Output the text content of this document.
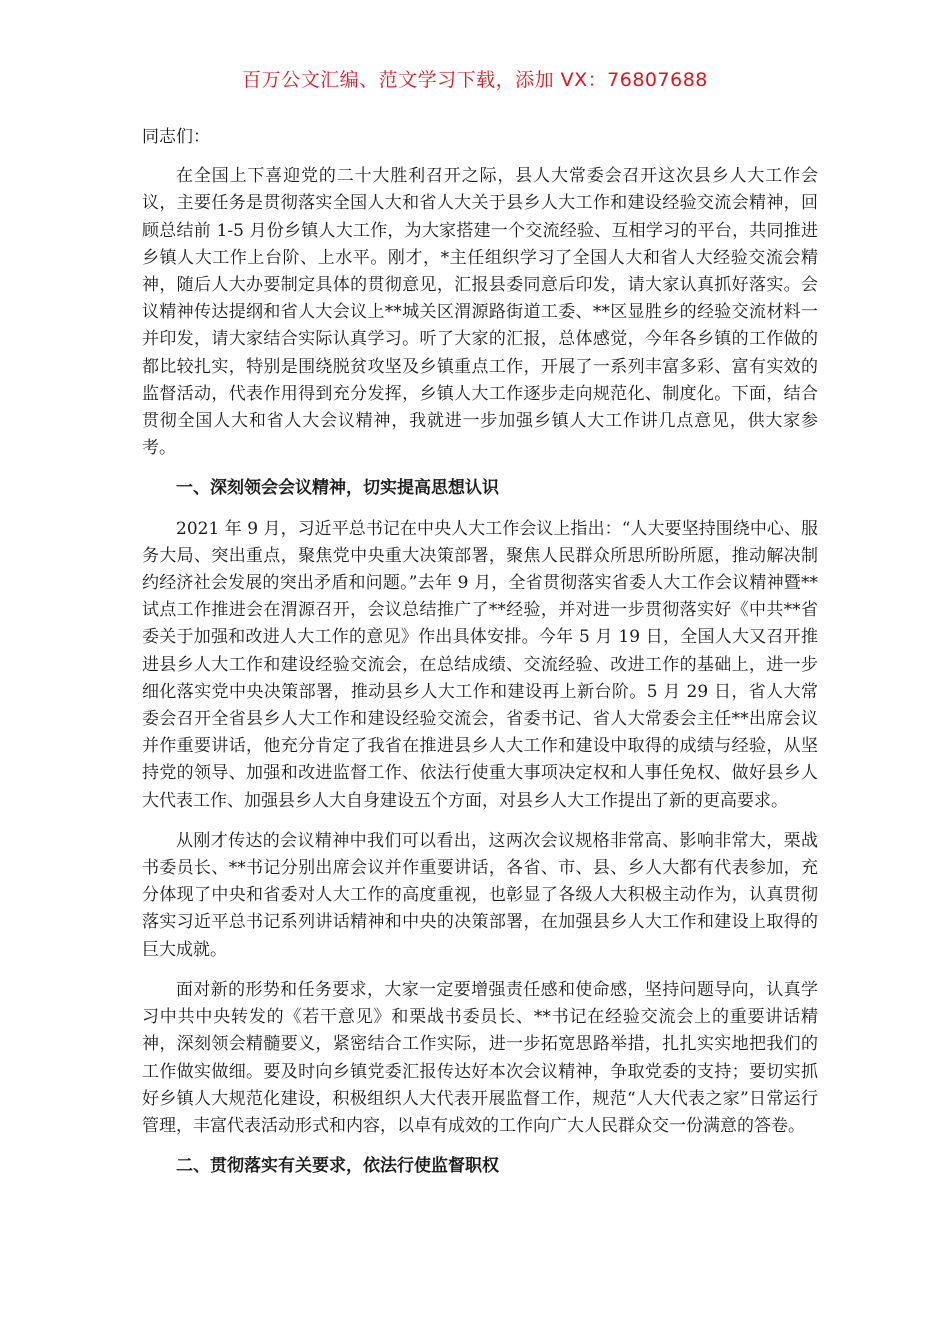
百万公文汇编、范文学习下载，添加 VX：76807688

同志们：

在全国上下喜迎党的二十大胜利召开之际，县人大常委会召开这次县乡人大工作会议，主要任务是贯彻落实全国人大和省人大关于县乡人大工作和建设经验交流会精神，回顾总结前 1-5 月份乡镇人大工作，为大家搭建一个交流经验、互相学习的平台，共同推进乡镇人大工作上台阶、上水平。刚才，*主任组织学习了全国人大和省人大经验交流会精神，随后人大办要制定具体的贯彻意见，汇报县委同意后印发，请大家认真抓好落实。会议精神传达提纲和省人大会议上**城关区渭源路街道工委、**区显胜乡的经验交流材料一并印发，请大家结合实际认真学习。听了大家的汇报，总体感觉，今年各乡镇的工作做的都比较扎实，特别是围绕脱贫攻坚及乡镇重点工作，开展了一系列丰富多彩、富有实效的监督活动，代表作用得到充分发挥，乡镇人大工作逐步走向规范化、制度化。下面，结合贯彻全国人大和省人大会议精神，我就进一步加强乡镇人大工作讲几点意见，供大家参考。

一、深刻领会会议精神，切实提高思想认识

2021 年 9 月，习近平总书记在中央人大工作会议上指出：“人大要坚持围绕中心、服务大局、突出重点，聚焦党中央重大决策部署，聚焦人民群众所思所盼所愿，推动解决制约经济社会发展的突出矛盾和问题。”去年 9 月，全省贯彻落实省委人大工作会议精神暨**试点工作推进会在渭源召开，会议总结推广了**经验，并对进一步贯彻落实好《中共**省委关于加强和改进人大工作的意见》作出具体安排。今年 5 月 19 日，全国人大又召开推进县乡人大工作和建设经验交流会，在总结成绩、交流经验、改进工作的基础上，进一步细化落实党中央决策部署，推动县乡人大工作和建设再上新台阶。5 月 29 日，省人大常委会召开全省县乡人大工作和建设经验交流会，省委书记、省人大常委会主任**出席会议并作重要讲话，他充分肯定了我省在推进县乡人大工作和建设中取得的成绩与经验，从坚持党的领导、加强和改进监督工作、依法行使重大事项决定权和人事任免权、做好县乡人大代表工作、加强县乡人大自身建设五个方面，对县乡人大工作提出了新的更高要求。

从刚才传达的会议精神中我们可以看出，这两次会议规格非常高、影响非常大，栗战书委员长、**书记分别出席会议并作重要讲话，各省、市、县、乡人大都有代表参加，充分体现了中央和省委对人大工作的高度重视，也彰显了各级人大积极主动作为，认真贯彻落实习近平总书记系列讲话精神和中央的决策部署，在加强县乡人大工作和建设上取得的巨大成就。

面对新的形势和任务要求，大家一定要增强责任感和使命感，坚持问题导向，认真学习中共中央转发的《若干意见》和栗战书委员长、**书记在经验交流会上的重要讲话精神，深刻领会精髓要义，紧密结合工作实际，进一步拓宽思路举措，扎扎实实地把我们的工作做实做细。要及时向乡镇党委汇报传达好本次会议精神，争取党委的支持；要切实抓好乡镇人大规范化建设，积极组织人大代表开展监督工作，规范“人大代表之家”日常运行管理，丰富代表活动形式和内容，以卓有成效的工作向广大人民群众交一份满意的答卷。

二、贯彻落实有关要求，依法行使监督职权
